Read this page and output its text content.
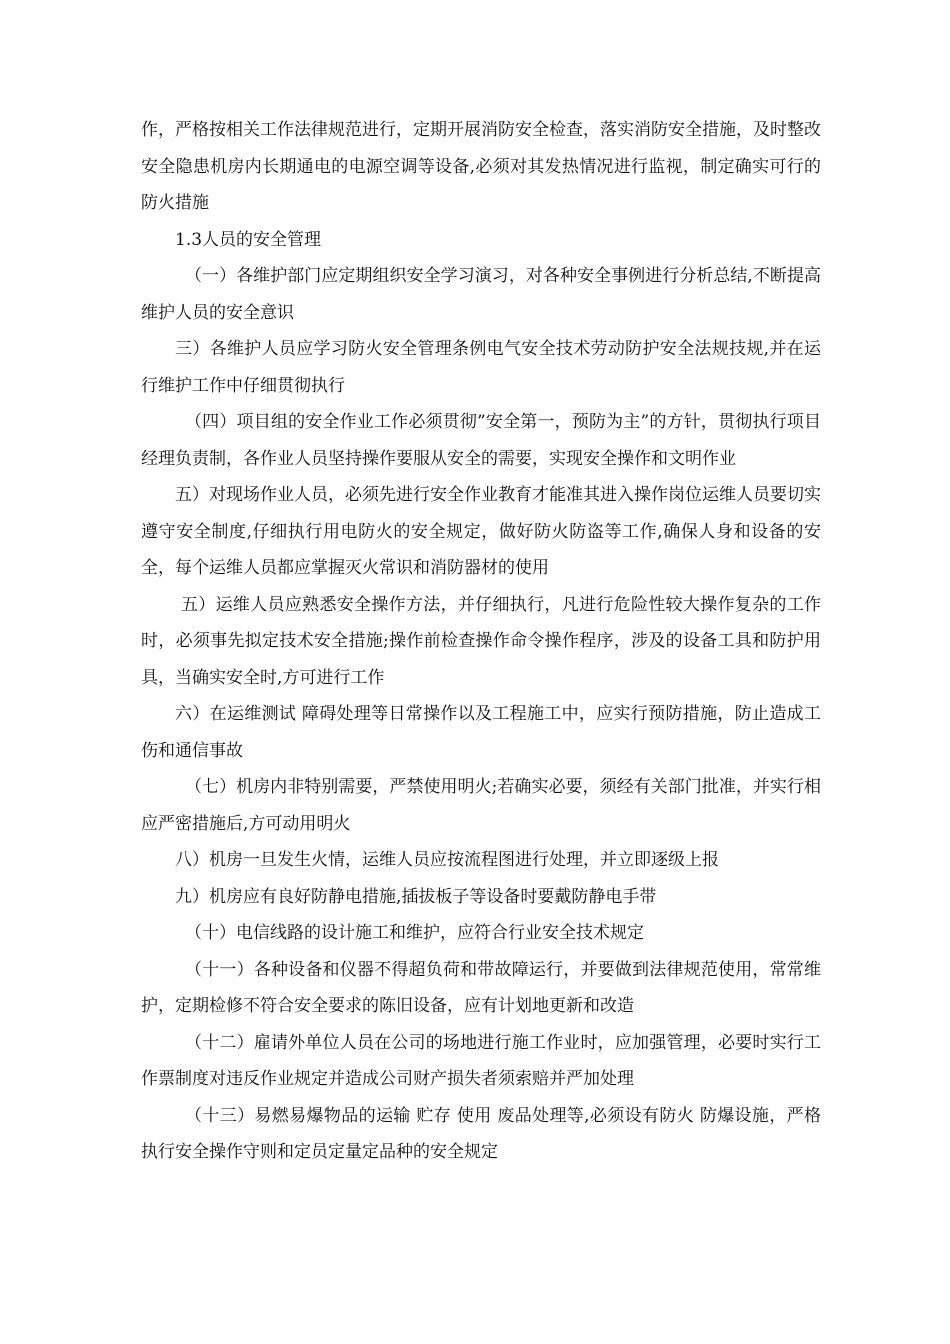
作，严格按相关工作法律规范进行，定期开展消防安全检查，落实消防安全措施，及时整改安全隐患机房内长期通电的电源空调等设备,必须对其发热情况进行监视，制定确实可行的防火措施

1.3人员的安全管理

（一）各维护部门应定期组织安全学习演习，对各种安全事例进行分析总结,不断提高维护人员的安全意识

三）各维护人员应学习防火安全管理条例电气安全技术劳动防护安全法规技规,并在运行维护工作中仔细贯彻执行

（四）项目组的安全作业工作必须贯彻”安全第一，预防为主”的方针，贯彻执行项目经理负责制，各作业人员坚持操作要服从安全的需要，实现安全操作和文明作业

五）对现场作业人员，必须先进行安全作业教育才能准其进入操作岗位运维人员要切实遵守安全制度,仔细执行用电防火的安全规定，做好防火防盗等工作,确保人身和设备的安全，每个运维人员都应掌握灭火常识和消防器材的使用

五）运维人员应熟悉安全操作方法，并仔细执行，凡进行危险性较大操作复杂的工作时，必须事先拟定技术安全措施;操作前检查操作命令操作程序，涉及的设备工具和防护用具，当确实安全时,方可进行工作

六）在运维测试 障碍处理等日常操作以及工程施工中，应实行预防措施，防止造成工伤和通信事故

（七）机房内非特别需要，严禁使用明火;若确实必要，须经有关部门批准，并实行相应严密措施后,方可动用明火

八）机房一旦发生火情，运维人员应按流程图进行处理，并立即逐级上报

九）机房应有良好防静电措施,插拔板子等设备时要戴防静电手带

（十）电信线路的设计施工和维护，应符合行业安全技术规定

（十一）各种设备和仪器不得超负荷和带故障运行，并要做到法律规范使用，常常维护，定期检修不符合安全要求的陈旧设备，应有计划地更新和改造

（十二）雇请外单位人员在公司的场地进行施工作业时，应加强管理，必要时实行工作票制度对违反作业规定并造成公司财产损失者须索赔并严加处理

（十三）易燃易爆物品的运输 贮存 使用 废品处理等,必须设有防火 防爆设施，严格执行安全操作守则和定员定量定品种的安全规定
